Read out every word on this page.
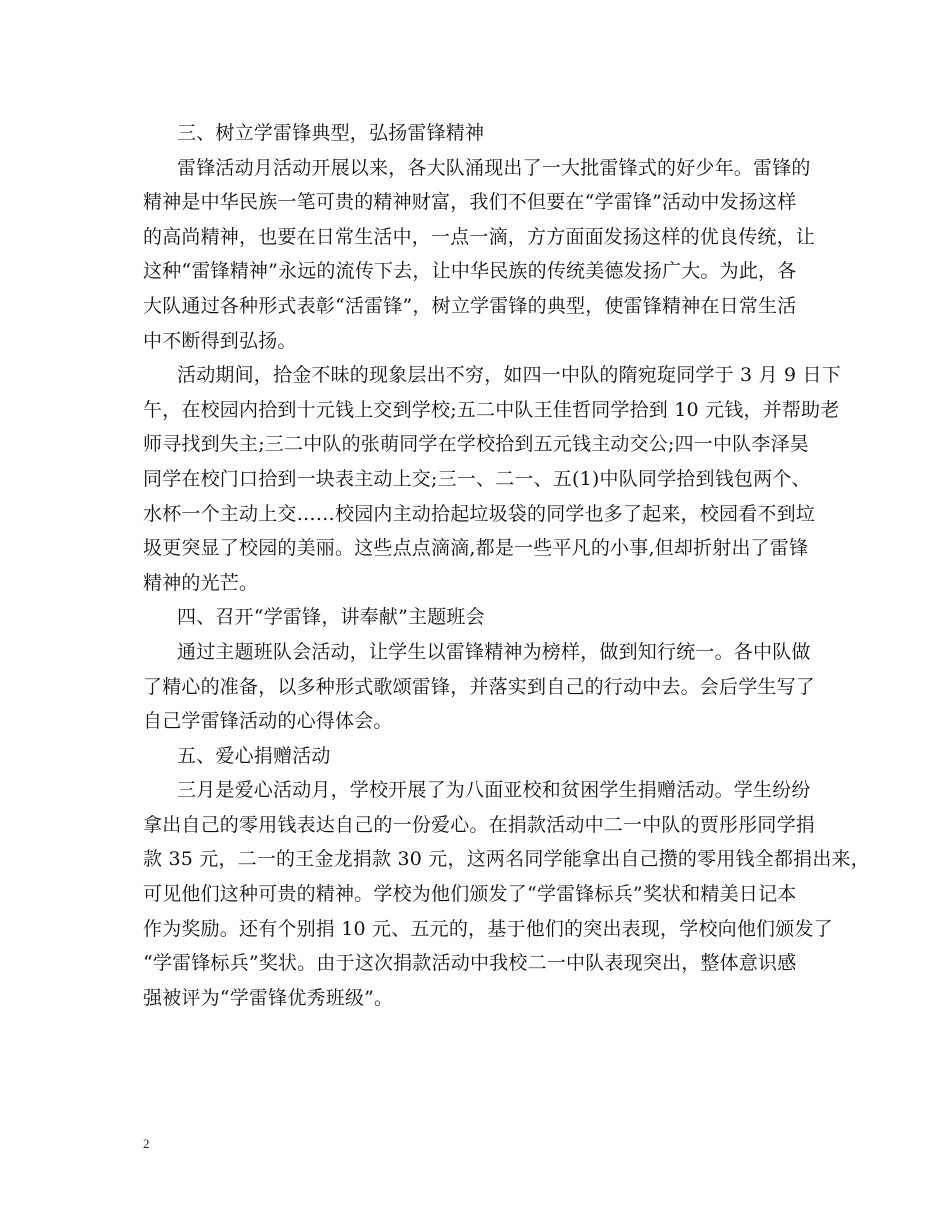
三、树立学雷锋典型，弘扬雷锋精神
雷锋活动月活动开展以来，各大队涌现出了一大批雷锋式的好少年。雷锋的
精神是中华民族一笔可贵的精神财富，我们不但要在“学雷锋”活动中发扬这样
的高尚精神，也要在日常生活中，一点一滴，方方面面发扬这样的优良传统，让
这种“雷锋精神”永远的流传下去，让中华民族的传统美德发扬广大。为此，各
大队通过各种形式表彰“活雷锋”，树立学雷锋的典型，使雷锋精神在日常生活
中不断得到弘扬。
活动期间，拾金不昧的现象层出不穷，如四一中队的隋宛琁同学于 3 月 9 日下
午，在校园内拾到十元钱上交到学校;五二中队王佳哲同学拾到 10 元钱，并帮助老
师寻找到失主;三二中队的张萌同学在学校拾到五元钱主动交公;四一中队李泽昊
同学在校门口拾到一块表主动上交;三一、二一、五(1)中队同学拾到钱包两个、
水杯一个主动上交……校园内主动拾起垃圾袋的同学也多了起来，校园看不到垃
圾更突显了校园的美丽。这些点点滴滴,都是一些平凡的小事,但却折射出了雷锋
精神的光芒。
四、召开“学雷锋，讲奉献”主题班会
通过主题班队会活动，让学生以雷锋精神为榜样，做到知行统一。各中队做
了精心的准备，以多种形式歌颂雷锋，并落实到自己的行动中去。会后学生写了
自己学雷锋活动的心得体会。
五、爱心捐赠活动
三月是爱心活动月，学校开展了为八面亚校和贫困学生捐赠活动。学生纷纷
拿出自己的零用钱表达自己的一份爱心。在捐款活动中二一中队的贾彤彤同学捐
款 35 元，二一的王金龙捐款 30 元，这两名同学能拿出自己攒的零用钱全都捐出来，
可见他们这种可贵的精神。学校为他们颁发了“学雷锋标兵”奖状和精美日记本
作为奖励。还有个别捐 10 元、五元的，基于他们的突出表现，学校向他们颁发了
“学雷锋标兵”奖状。由于这次捐款活动中我校二一中队表现突出，整体意识感
强被评为“学雷锋优秀班级”。
2
